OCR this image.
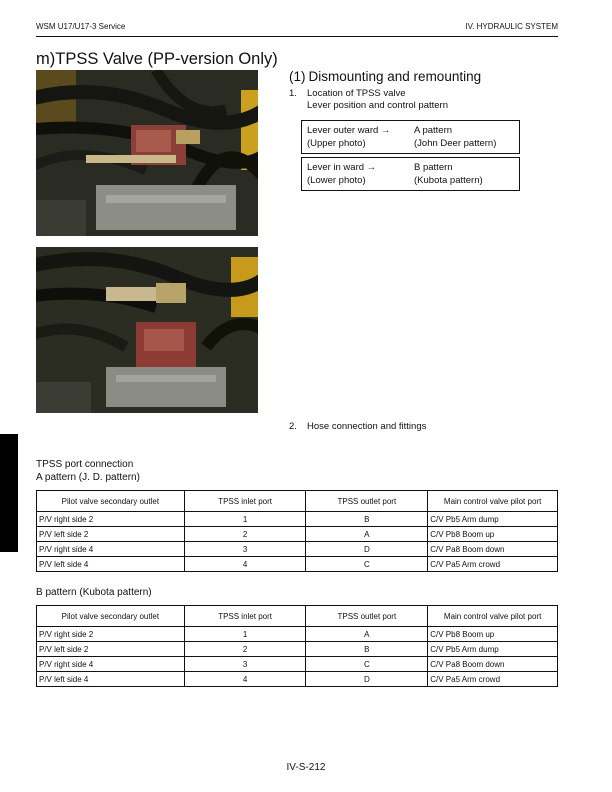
WSM U17/U17-3 Service	IV. HYDRAULIC SYSTEM
m)TPSS Valve (PP-version Only)
(1) Dismounting and remounting
1. Location of TPSS valve
Lever position and control pattern
Lever outer ward → A pattern
(Upper photo)	(John Deer pattern)
Lever in ward →	B pattern
(Lower photo)	(Kubota pattern)
2. Hose connection and fittings
TPSS port connection
A pattern (J. D. pattern)
Pilot valve secondary outlet	TPSS inlet port	TPSS outlet port	Main control valve pilot port
P/V right side 2	1	B	C/V Pb5 Arm dump
P/V left side 2	2	A	C/V Pb8 Boom up
P/V right side 4	3	D	C/V Pa8 Boom down
P/V left side 4	4	C	C/V Pa5 Arm crowd
B pattern (Kubota pattern)
Pilot valve secondary outlet	TPSS inlet port	TPSS outlet port	Main control valve pilot port
P/V right side 2	1	A	C/V Pb8 Boom up
P/V left side 2	2	B	C/V Pb5 Arm dump
P/V right side 4	3	C	C/V Pa8 Boom down
P/V left side 4	4	D	C/V Pa5 Arm crowd
IV-S-212
